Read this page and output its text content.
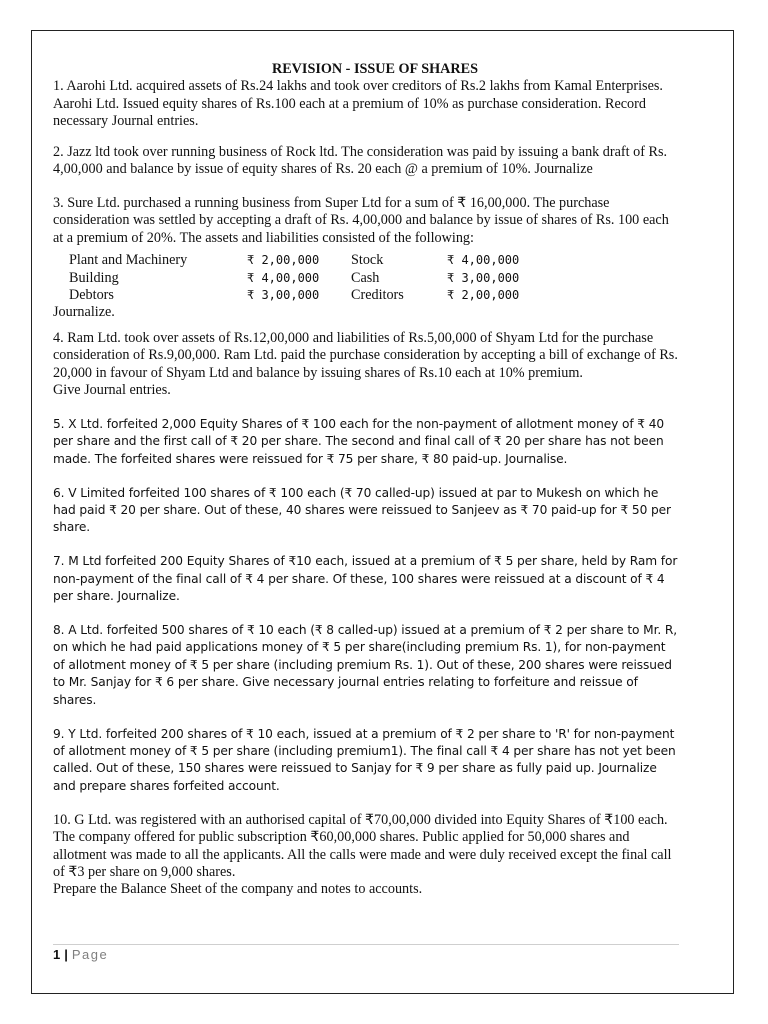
REVISION - ISSUE OF SHARES

1. Aarohi Ltd. acquired assets of Rs.24 lakhs and took over creditors of Rs.2 lakhs from Kamal Enterprises. Aarohi Ltd. Issued equity shares of Rs.100 each at a premium of 10% as purchase consideration. Record necessary Journal entries.

2. Jazz ltd took over running business of Rock ltd. The consideration was paid by issuing a bank draft of Rs. 4,00,000 and balance by issue of equity shares of Rs. 20 each @ a premium of 10%. Journalize

3. Sure Ltd. purchased a running business from Super Ltd for a sum of ₹ 16,00,000. The purchase consideration was settled by accepting a draft of Rs. 4,00,000 and balance by issue of shares of Rs. 100 each at a premium of 20%. The assets and liabilities consisted of the following:

Plant and Machinery	₹ 2,00,000	Stock	₹ 4,00,000
Building	₹ 4,00,000	Cash	₹ 3,00,000
Debtors	₹ 3,00,000	Creditors	₹ 2,00,000

Journalize.

4. Ram Ltd. took over assets of Rs.12,00,000 and liabilities of Rs.5,00,000 of Shyam Ltd for the purchase consideration of Rs.9,00,000. Ram Ltd. paid the purchase consideration by accepting a bill of exchange of Rs. 20,000 in favour of Shyam Ltd and balance by issuing shares of Rs.10 each at 10% premium.

Give Journal entries.

5. X Ltd. forfeited 2,000 Equity Shares of ₹ 100 each for the non-payment of allotment money of ₹ 40 per share and the first call of ₹ 20 per share. The second and final call of ₹ 20 per share has not been made. The forfeited shares were reissued for ₹ 75 per share, ₹ 80 paid-up. Journalise.

6. V Limited forfeited 100 shares of ₹ 100 each (₹ 70 called-up) issued at par to Mukesh on which he had paid ₹ 20 per share. Out of these, 40 shares were reissued to Sanjeev as ₹ 70 paid-up for ₹ 50 per share.

7. M Ltd forfeited 200 Equity Shares of ₹10 each, issued at a premium of ₹ 5 per share, held by Ram for non-payment of the final call of ₹ 4 per share. Of these, 100 shares were reissued at a discount of ₹ 4 per share. Journalize.

8. A Ltd. forfeited 500 shares of ₹ 10 each (₹ 8 called-up) issued at a premium of ₹ 2 per share to Mr. R, on which he had paid applications money of ₹ 5 per share(including premium Rs. 1), for non-payment of allotment money of ₹ 5 per share (including premium Rs. 1). Out of these, 200 shares were reissued to Mr. Sanjay for ₹ 6 per share. Give necessary journal entries relating to forfeiture and reissue of shares.

9. Y Ltd. forfeited 200 shares of ₹ 10 each, issued at a premium of ₹ 2 per share to 'R' for non-payment of allotment money of ₹ 5 per share (including premium1). The final call ₹ 4 per share has not yet been called. Out of these, 150 shares were reissued to Sanjay for ₹ 9 per share as fully paid up. Journalize and prepare shares forfeited account.

10. G Ltd. was registered with an authorised capital of ₹70,00,000 divided into Equity Shares of ₹100 each. The company offered for public subscription ₹60,00,000 shares. Public applied for 50,000 shares and allotment was made to all the applicants. All the calls were made and were duly received except the final call of ₹3 per share on 9,000 shares.

Prepare the Balance Sheet of the company and notes to accounts.

1 | Page
